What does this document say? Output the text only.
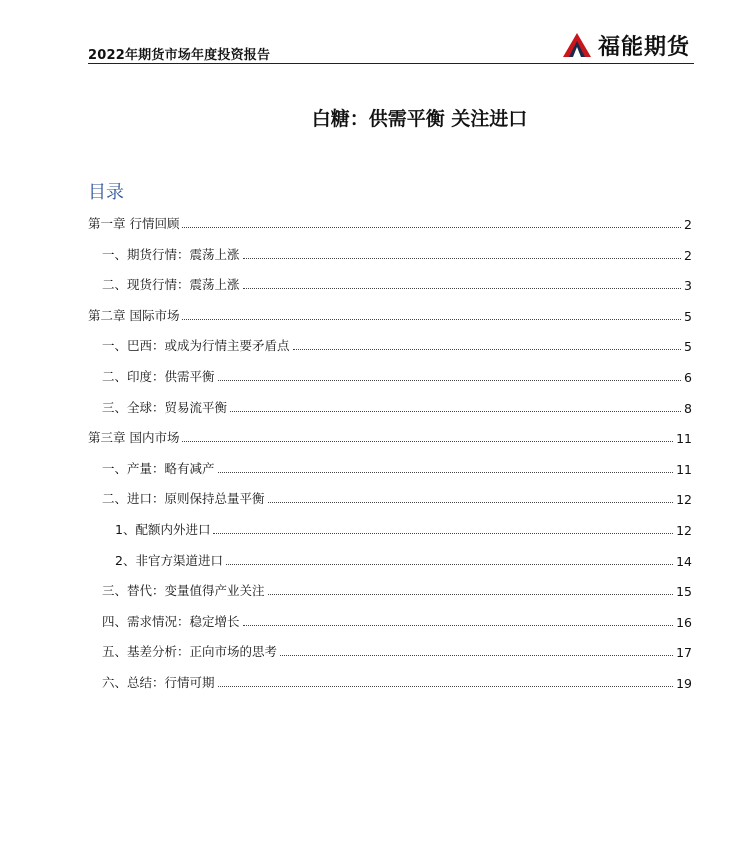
2022年期货市场年度投资报告	福能期货
白糖：供需平衡 关注进口
目录
第一章 行情回顾	2
一、期货行情：震荡上涨	2
二、现货行情：震荡上涨	3
第二章 国际市场	5
一、巴西：或成为行情主要矛盾点	5
二、印度：供需平衡	6
三、全球：贸易流平衡	8
第三章 国内市场	11
一、产量：略有减产	11
二、进口：原则保持总量平衡	12
1、配额内外进口	12
2、非官方渠道进口	14
三、替代：变量值得产业关注	15
四、需求情况：稳定增长	16
五、基差分析：正向市场的思考	17
六、总结：行情可期	19
